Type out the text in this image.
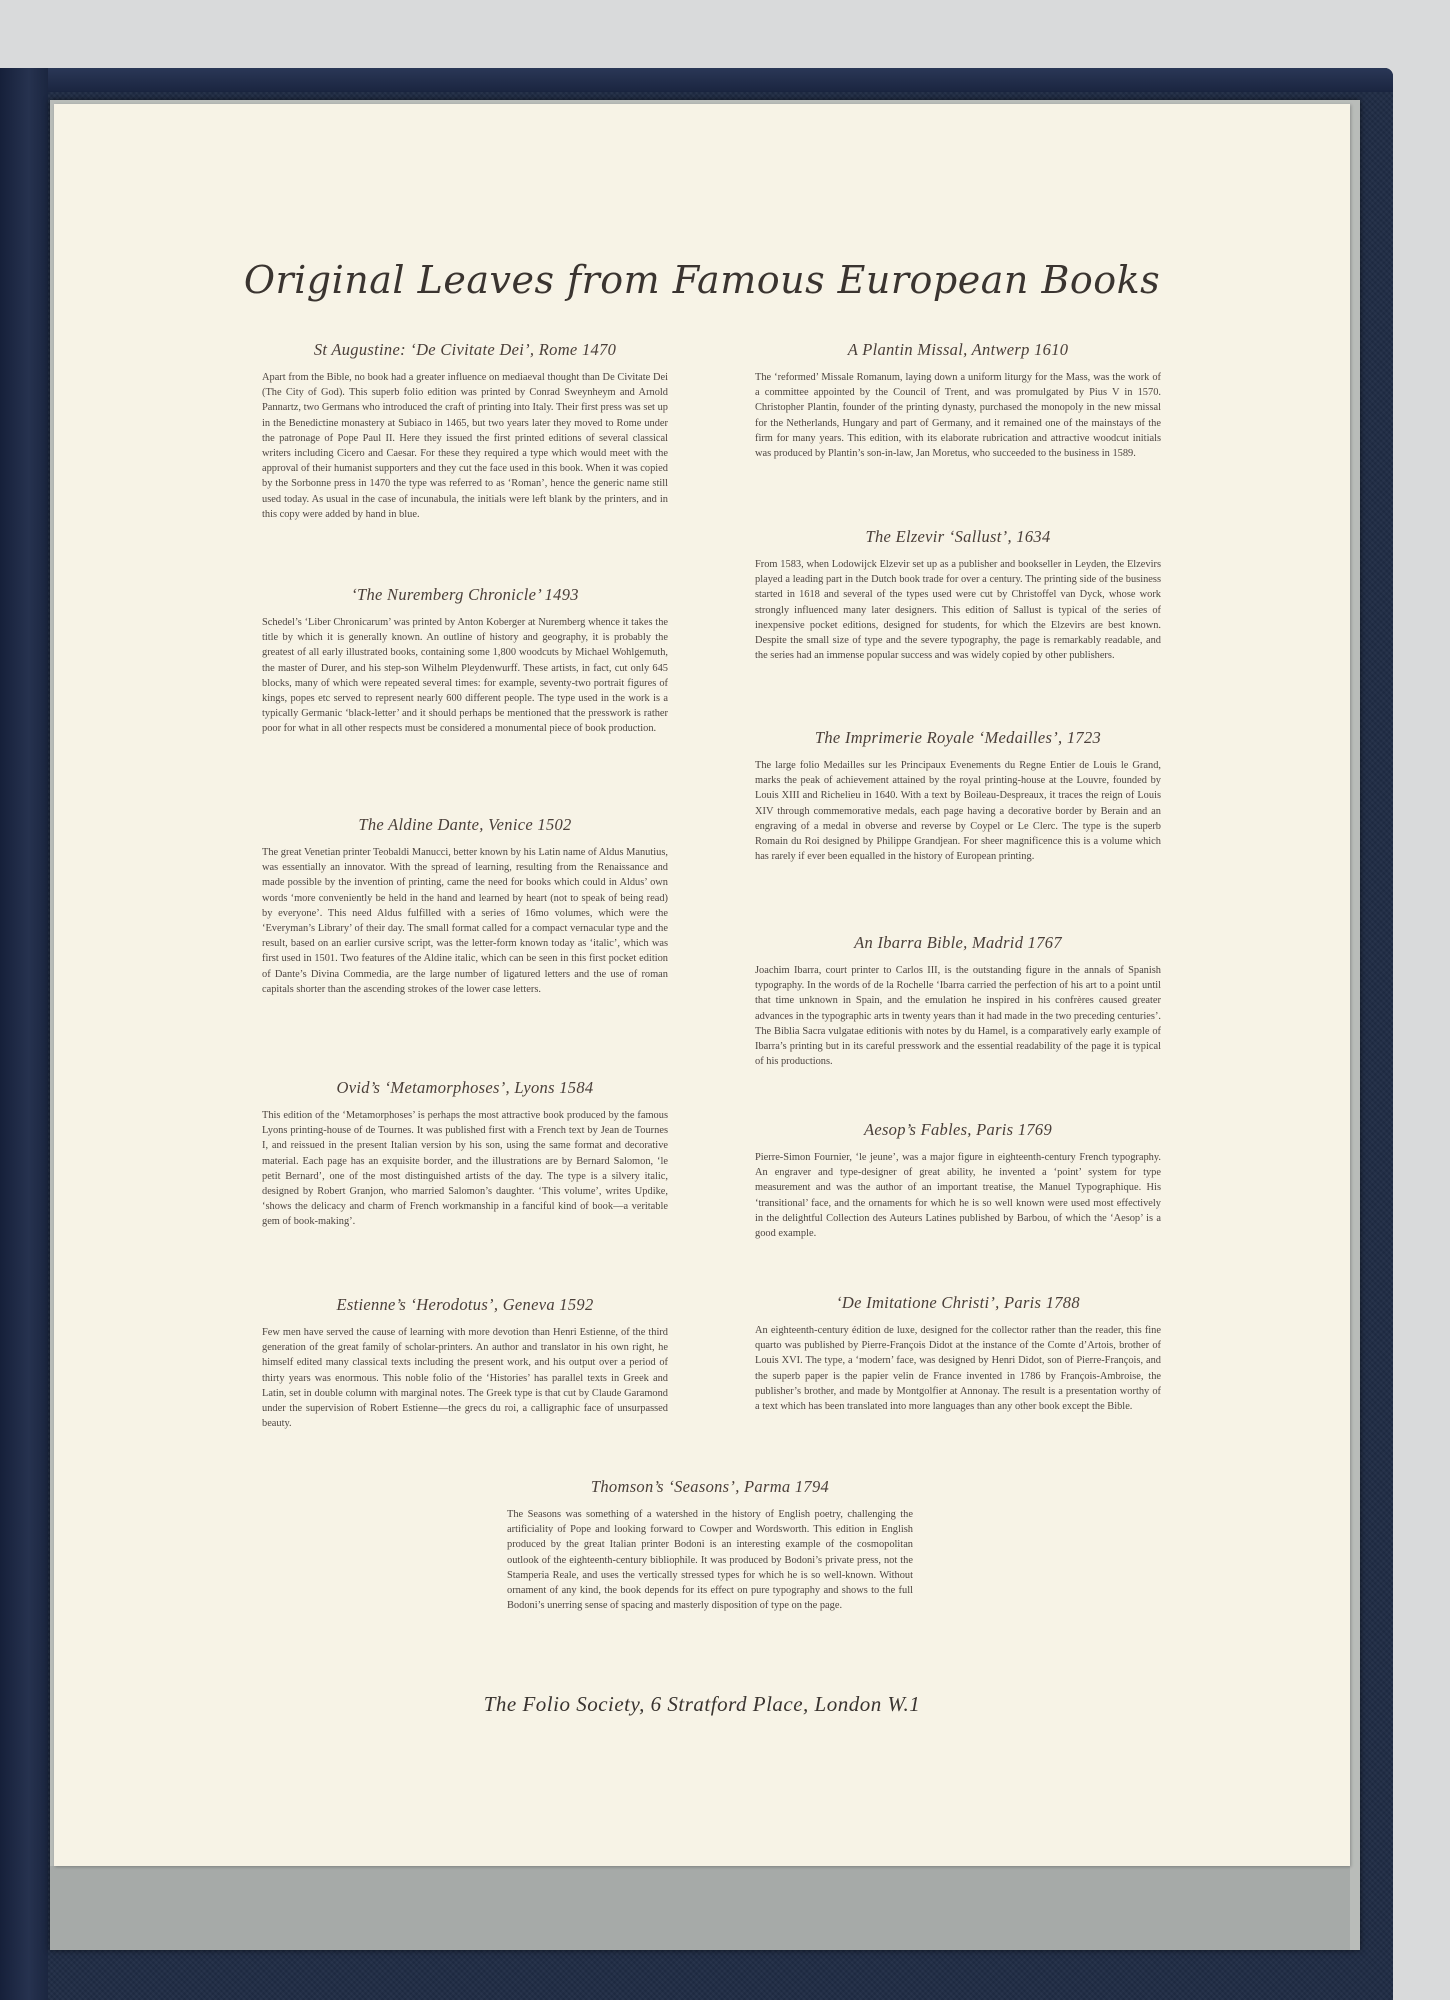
Original Leaves from Famous European Books
St Augustine: ‘De Civitate Dei’, Rome 1470

Apart from the Bible, no book had a greater influence on mediaeval thought than De Civitate Dei (The City of God). This superb folio edition was printed by Conrad Sweynheym and Arnold Pannartz, two Germans who introduced the craft of printing into Italy. Their first press was set up in the Benedictine monastery at Subiaco in 1465, but two years later they moved to Rome under the patronage of Pope Paul II. Here they issued the first printed editions of several classical writers including Cicero and Caesar. For these they required a type which would meet with the approval of their humanist supporters and they cut the face used in this book. When it was copied by the Sorbonne press in 1470 the type was referred to as ‘Roman’, hence the generic name still used today. As usual in the case of incunabula, the initials were left blank by the printers, and in this copy were added by hand in blue.

‘The Nuremberg Chronicle’ 1493

Schedel’s ‘Liber Chronicarum’ was printed by Anton Koberger at Nuremberg whence it takes the title by which it is generally known. An outline of history and geography, it is probably the greatest of all early illustrated books, containing some 1,800 woodcuts by Michael Wohlgemuth, the master of Durer, and his step-son Wilhelm Pleydenwurff. These artists, in fact, cut only 645 blocks, many of which were repeated several times: for example, seventy-two portrait figures of kings, popes etc served to represent nearly 600 different people. The type used in the work is a typically Germanic ‘black-letter’ and it should perhaps be mentioned that the presswork is rather poor for what in all other respects must be considered a monumental piece of book production.

The Aldine Dante, Venice 1502

The great Venetian printer Teobaldi Manucci, better known by his Latin name of Aldus Manutius, was essentially an innovator. With the spread of learning, resulting from the Renaissance and made possible by the invention of printing, came the need for books which could in Aldus’ own words ‘more conveniently be held in the hand and learned by heart (not to speak of being read) by everyone’. This need Aldus fulfilled with a series of 16mo volumes, which were the ‘Everyman’s Library’ of their day. The small format called for a compact vernacular type and the result, based on an earlier cursive script, was the letter-form known today as ‘italic’, which was first used in 1501. Two features of the Aldine italic, which can be seen in this first pocket edition of Dante’s Divina Commedia, are the large number of ligatured letters and the use of roman capitals shorter than the ascending strokes of the lower case letters.

Ovid’s ‘Metamorphoses’, Lyons 1584

This edition of the ‘Metamorphoses’ is perhaps the most attractive book produced by the famous Lyons printing-house of de Tournes. It was published first with a French text by Jean de Tournes I, and reissued in the present Italian version by his son, using the same format and decorative material. Each page has an exquisite border, and the illustrations are by Bernard Salomon, ‘le petit Bernard’, one of the most distinguished artists of the day. The type is a silvery italic, designed by Robert Granjon, who married Salomon’s daughter. ‘This volume’, writes Updike, ‘shows the delicacy and charm of French workmanship in a fanciful kind of book—a veritable gem of book-making’.

Estienne’s ‘Herodotus’, Geneva 1592

Few men have served the cause of learning with more devotion than Henri Estienne, of the third generation of the great family of scholar-printers. An author and translator in his own right, he himself edited many classical texts including the present work, and his output over a period of thirty years was enormous. This noble folio of the ‘Histories’ has parallel texts in Greek and Latin, set in double column with marginal notes. The Greek type is that cut by Claude Garamond under the supervision of Robert Estienne—the grecs du roi, a calligraphic face of unsurpassed beauty.

A Plantin Missal, Antwerp 1610

The ‘reformed’ Missale Romanum, laying down a uniform liturgy for the Mass, was the work of a committee appointed by the Council of Trent, and was promulgated by Pius V in 1570. Christopher Plantin, founder of the printing dynasty, purchased the monopoly in the new missal for the Netherlands, Hungary and part of Germany, and it remained one of the mainstays of the firm for many years. This edition, with its elaborate rubrication and attractive woodcut initials was produced by Plantin’s son-in-law, Jan Moretus, who succeeded to the business in 1589.

The Elzevir ‘Sallust’, 1634

From 1583, when Lodowijck Elzevir set up as a publisher and bookseller in Leyden, the Elzevirs played a leading part in the Dutch book trade for over a century. The printing side of the business started in 1618 and several of the types used were cut by Christoffel van Dyck, whose work strongly influenced many later designers. This edition of Sallust is typical of the series of inexpensive pocket editions, designed for students, for which the Elzevirs are best known. Despite the small size of type and the severe typography, the page is remarkably readable, and the series had an immense popular success and was widely copied by other publishers.

The Imprimerie Royale ‘Medailles’, 1723

The large folio Medailles sur les Principaux Evenements du Regne Entier de Louis le Grand, marks the peak of achievement attained by the royal printing-house at the Louvre, founded by Louis XIII and Richelieu in 1640. With a text by Boileau-Despreaux, it traces the reign of Louis XIV through commemorative medals, each page having a decorative border by Berain and an engraving of a medal in obverse and reverse by Coypel or Le Clerc. The type is the superb Romain du Roi designed by Philippe Grandjean. For sheer magnificence this is a volume which has rarely if ever been equalled in the history of European printing.

An Ibarra Bible, Madrid 1767

Joachim Ibarra, court printer to Carlos III, is the outstanding figure in the annals of Spanish typography. In the words of de la Rochelle ‘Ibarra carried the perfection of his art to a point until that time unknown in Spain, and the emulation he inspired in his confrères caused greater advances in the typographic arts in twenty years than it had made in the two preceding centuries’. The Biblia Sacra vulgatae editionis with notes by du Hamel, is a comparatively early example of Ibarra’s printing but in its careful presswork and the essential readability of the page it is typical of his productions.

Aesop’s Fables, Paris 1769

Pierre-Simon Fournier, ‘le jeune’, was a major figure in eighteenth-century French typography. An engraver and type-designer of great ability, he invented a ‘point’ system for type measurement and was the author of an important treatise, the Manuel Typographique. His ‘transitional’ face, and the ornaments for which he is so well known were used most effectively in the delightful Collection des Auteurs Latines published by Barbou, of which the ‘Aesop’ is a good example.

‘De Imitatione Christi’, Paris 1788

An eighteenth-century édition de luxe, designed for the collector rather than the reader, this fine quarto was published by Pierre-François Didot at the instance of the Comte d’Artois, brother of Louis XVI. The type, a ‘modern’ face, was designed by Henri Didot, son of Pierre-François, and the superb paper is the papier velin de France invented in 1786 by François-Ambroise, the publisher’s brother, and made by Montgolfier at Annonay. The result is a presentation worthy of a text which has been translated into more languages than any other book except the Bible.

Thomson’s ‘Seasons’, Parma 1794

The Seasons was something of a watershed in the history of English poetry, challenging the artificiality of Pope and looking forward to Cowper and Wordsworth. This edition in English produced by the great Italian printer Bodoni is an interesting example of the cosmopolitan outlook of the eighteenth-century bibliophile. It was produced by Bodoni’s private press, not the Stamperia Reale, and uses the vertically stressed types for which he is so well-known. Without ornament of any kind, the book depends for its effect on pure typography and shows to the full Bodoni’s unerring sense of spacing and masterly disposition of type on the page.

The Folio Society, 6 Stratford Place, London W.1
